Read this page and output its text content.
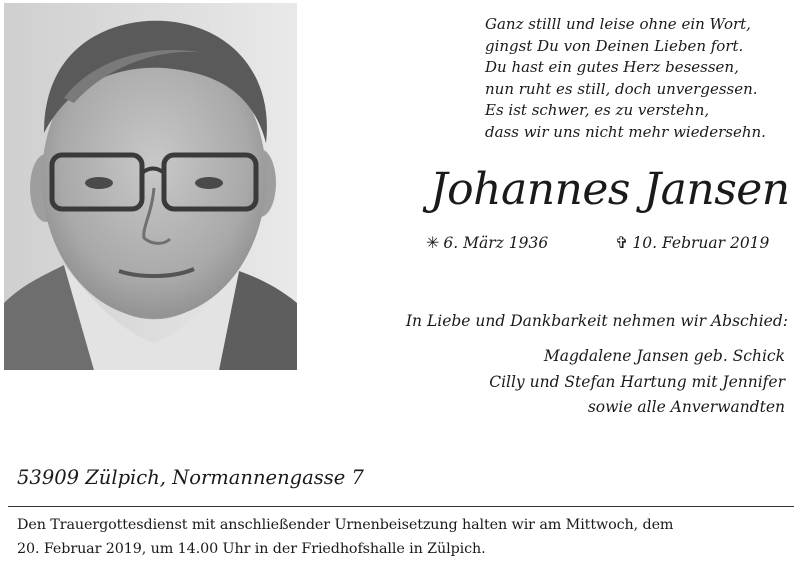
Ganz stilll und leise ohne ein Wort,
gingst Du von Deinen Lieben fort.
Du hast ein gutes Herz besessen,
nun ruht es still, doch unvergessen.
Es ist schwer, es zu verstehn,
dass wir uns nicht mehr wiedersehn.
Johannes Jansen
✳ 6. März 1936	✞ 10. Februar 2019
In Liebe und Dankbarkeit nehmen wir Abschied:
Magdalene Jansen geb. Schick
Cilly und Stefan Hartung mit Jennifer
sowie alle Anverwandten
53909 Zülpich, Normannengasse 7
Den Trauergottesdienst mit anschließender Urnenbeisetzung halten wir am Mittwoch, dem
20. Februar 2019, um 14.00 Uhr in der Friedhofshalle in Zülpich.
